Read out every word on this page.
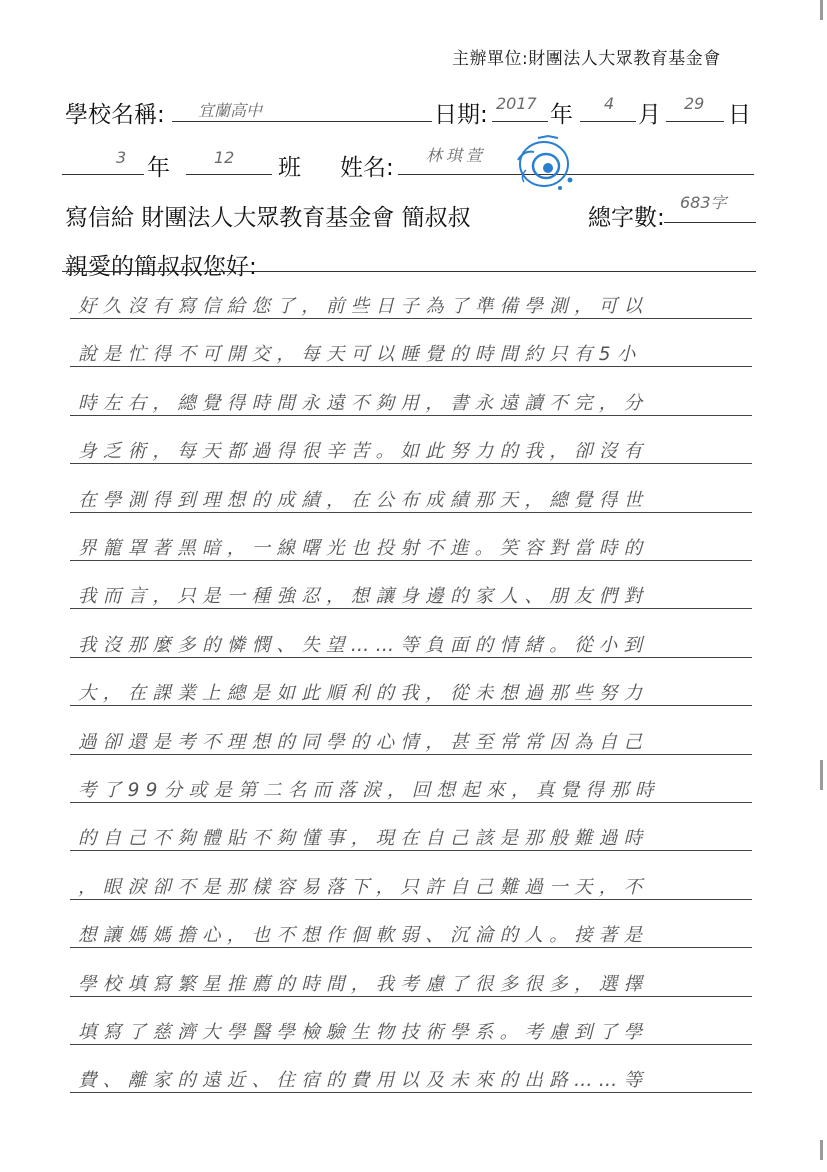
主辦單位:財團法人大眾教育基金會
學校名稱: 宜蘭高中	日期: 2017 年 4 月 29 日
3 年	12 班 姓名: 林琪萱
寫信給 財團法人大眾教育基金會 簡叔叔	總字數:
683字
親愛的簡叔叔您好:
好久沒有寫信給您了，前些日子為了準備學測，可以
說是忙得不可開交，每天可以睡覺的時間約只有5小
時左右，總覺得時間永遠不夠用，書永遠讀不完，分
身乏術，每天都過得很辛苦。如此努力的我，卻沒有
在學測得到理想的成績，在公布成績那天，總覺得世
界籠罩著黑暗，一線曙光也投射不進。笑容對當時的
我而言，只是一種強忍，想讓身邊的家人、朋友們對
我沒那麼多的憐憫、失望……等負面的情緒。從小到
大，在課業上總是如此順利的我，從未想過那些努力
過卻還是考不理想的同學的心情，甚至常常因為自己
考了99分或是第二名而落淚，回想起來，真覺得那時
的自己不夠體貼不夠懂事，現在自己該是那般難過時
，眼淚卻不是那樣容易落下，只許自己難過一天，不
想讓媽媽擔心，也不想作個軟弱、沉淪的人。接著是
學校填寫繁星推薦的時間，我考慮了很多很多，選擇
填寫了慈濟大學醫學檢驗生物技術學系。考慮到了學
費、離家的遠近、住宿的費用以及未來的出路……等
